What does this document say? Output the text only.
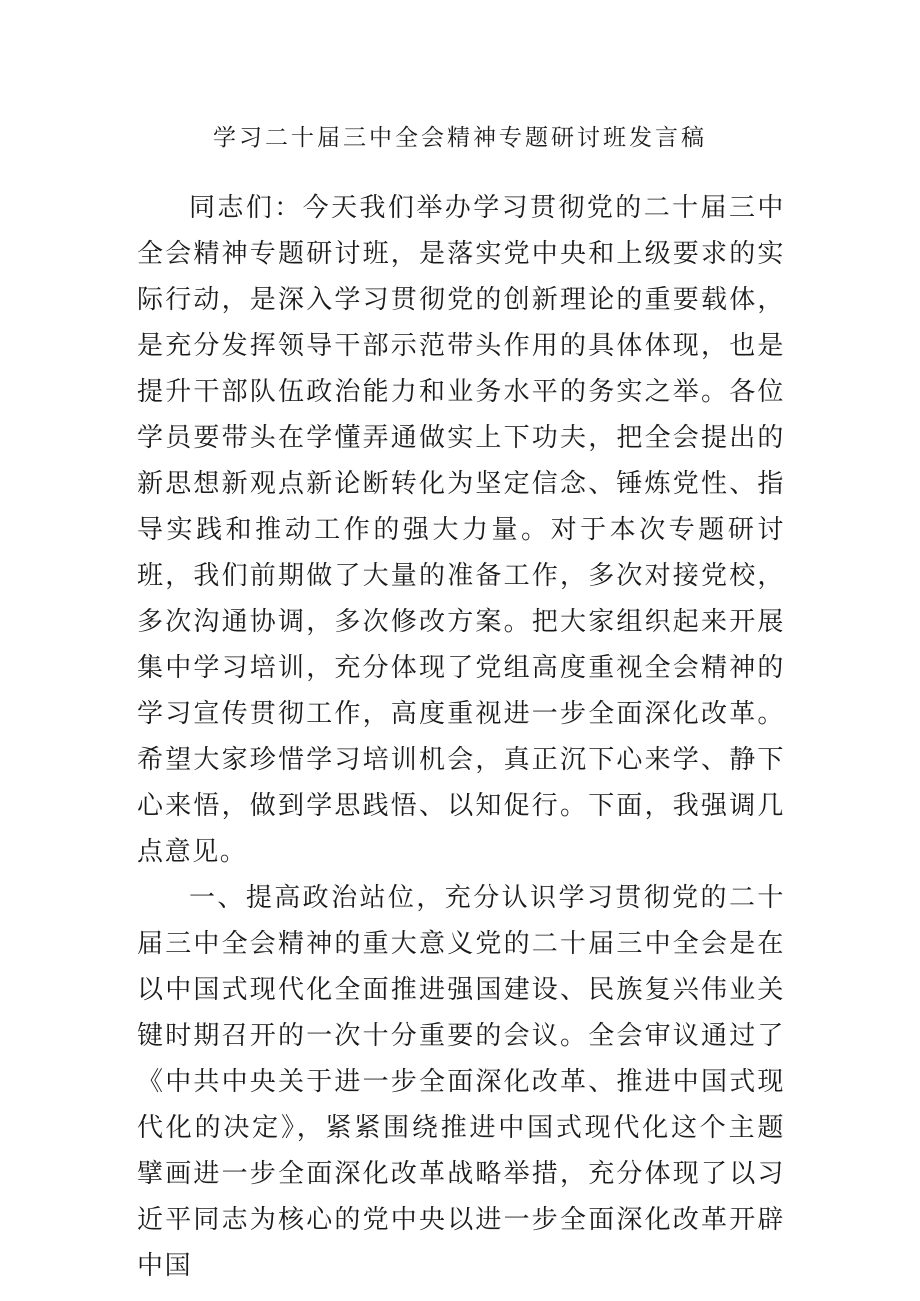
学习二十届三中全会精神专题研讨班发言稿

同志们：今天我们举办学习贯彻党的二十届三中全会精神专题研讨班，是落实党中央和上级要求的实际行动，是深入学习贯彻党的创新理论的重要载体，是充分发挥领导干部示范带头作用的具体体现，也是提升干部队伍政治能力和业务水平的务实之举。各位学员要带头在学懂弄通做实上下功夫，把全会提出的新思想新观点新论断转化为坚定信念、锤炼党性、指导实践和推动工作的强大力量。对于本次专题研讨班，我们前期做了大量的准备工作，多次对接党校，多次沟通协调，多次修改方案。把大家组织起来开展集中学习培训，充分体现了党组高度重视全会精神的学习宣传贯彻工作，高度重视进一步全面深化改革。希望大家珍惜学习培训机会，真正沉下心来学、静下心来悟，做到学思践悟、以知促行。下面，我强调几点意见。

一、提高政治站位，充分认识学习贯彻党的二十届三中全会精神的重大意义党的二十届三中全会是在以中国式现代化全面推进强国建设、民族复兴伟业关键时期召开的一次十分重要的会议。全会审议通过了《中共中央关于进一步全面深化改革、推进中国式现代化的决定》，紧紧围绕推进中国式现代化这个主题擘画进一步全面深化改革战略举措，充分体现了以习近平同志为核心的党中央以进一步全面深化改革开辟中国
